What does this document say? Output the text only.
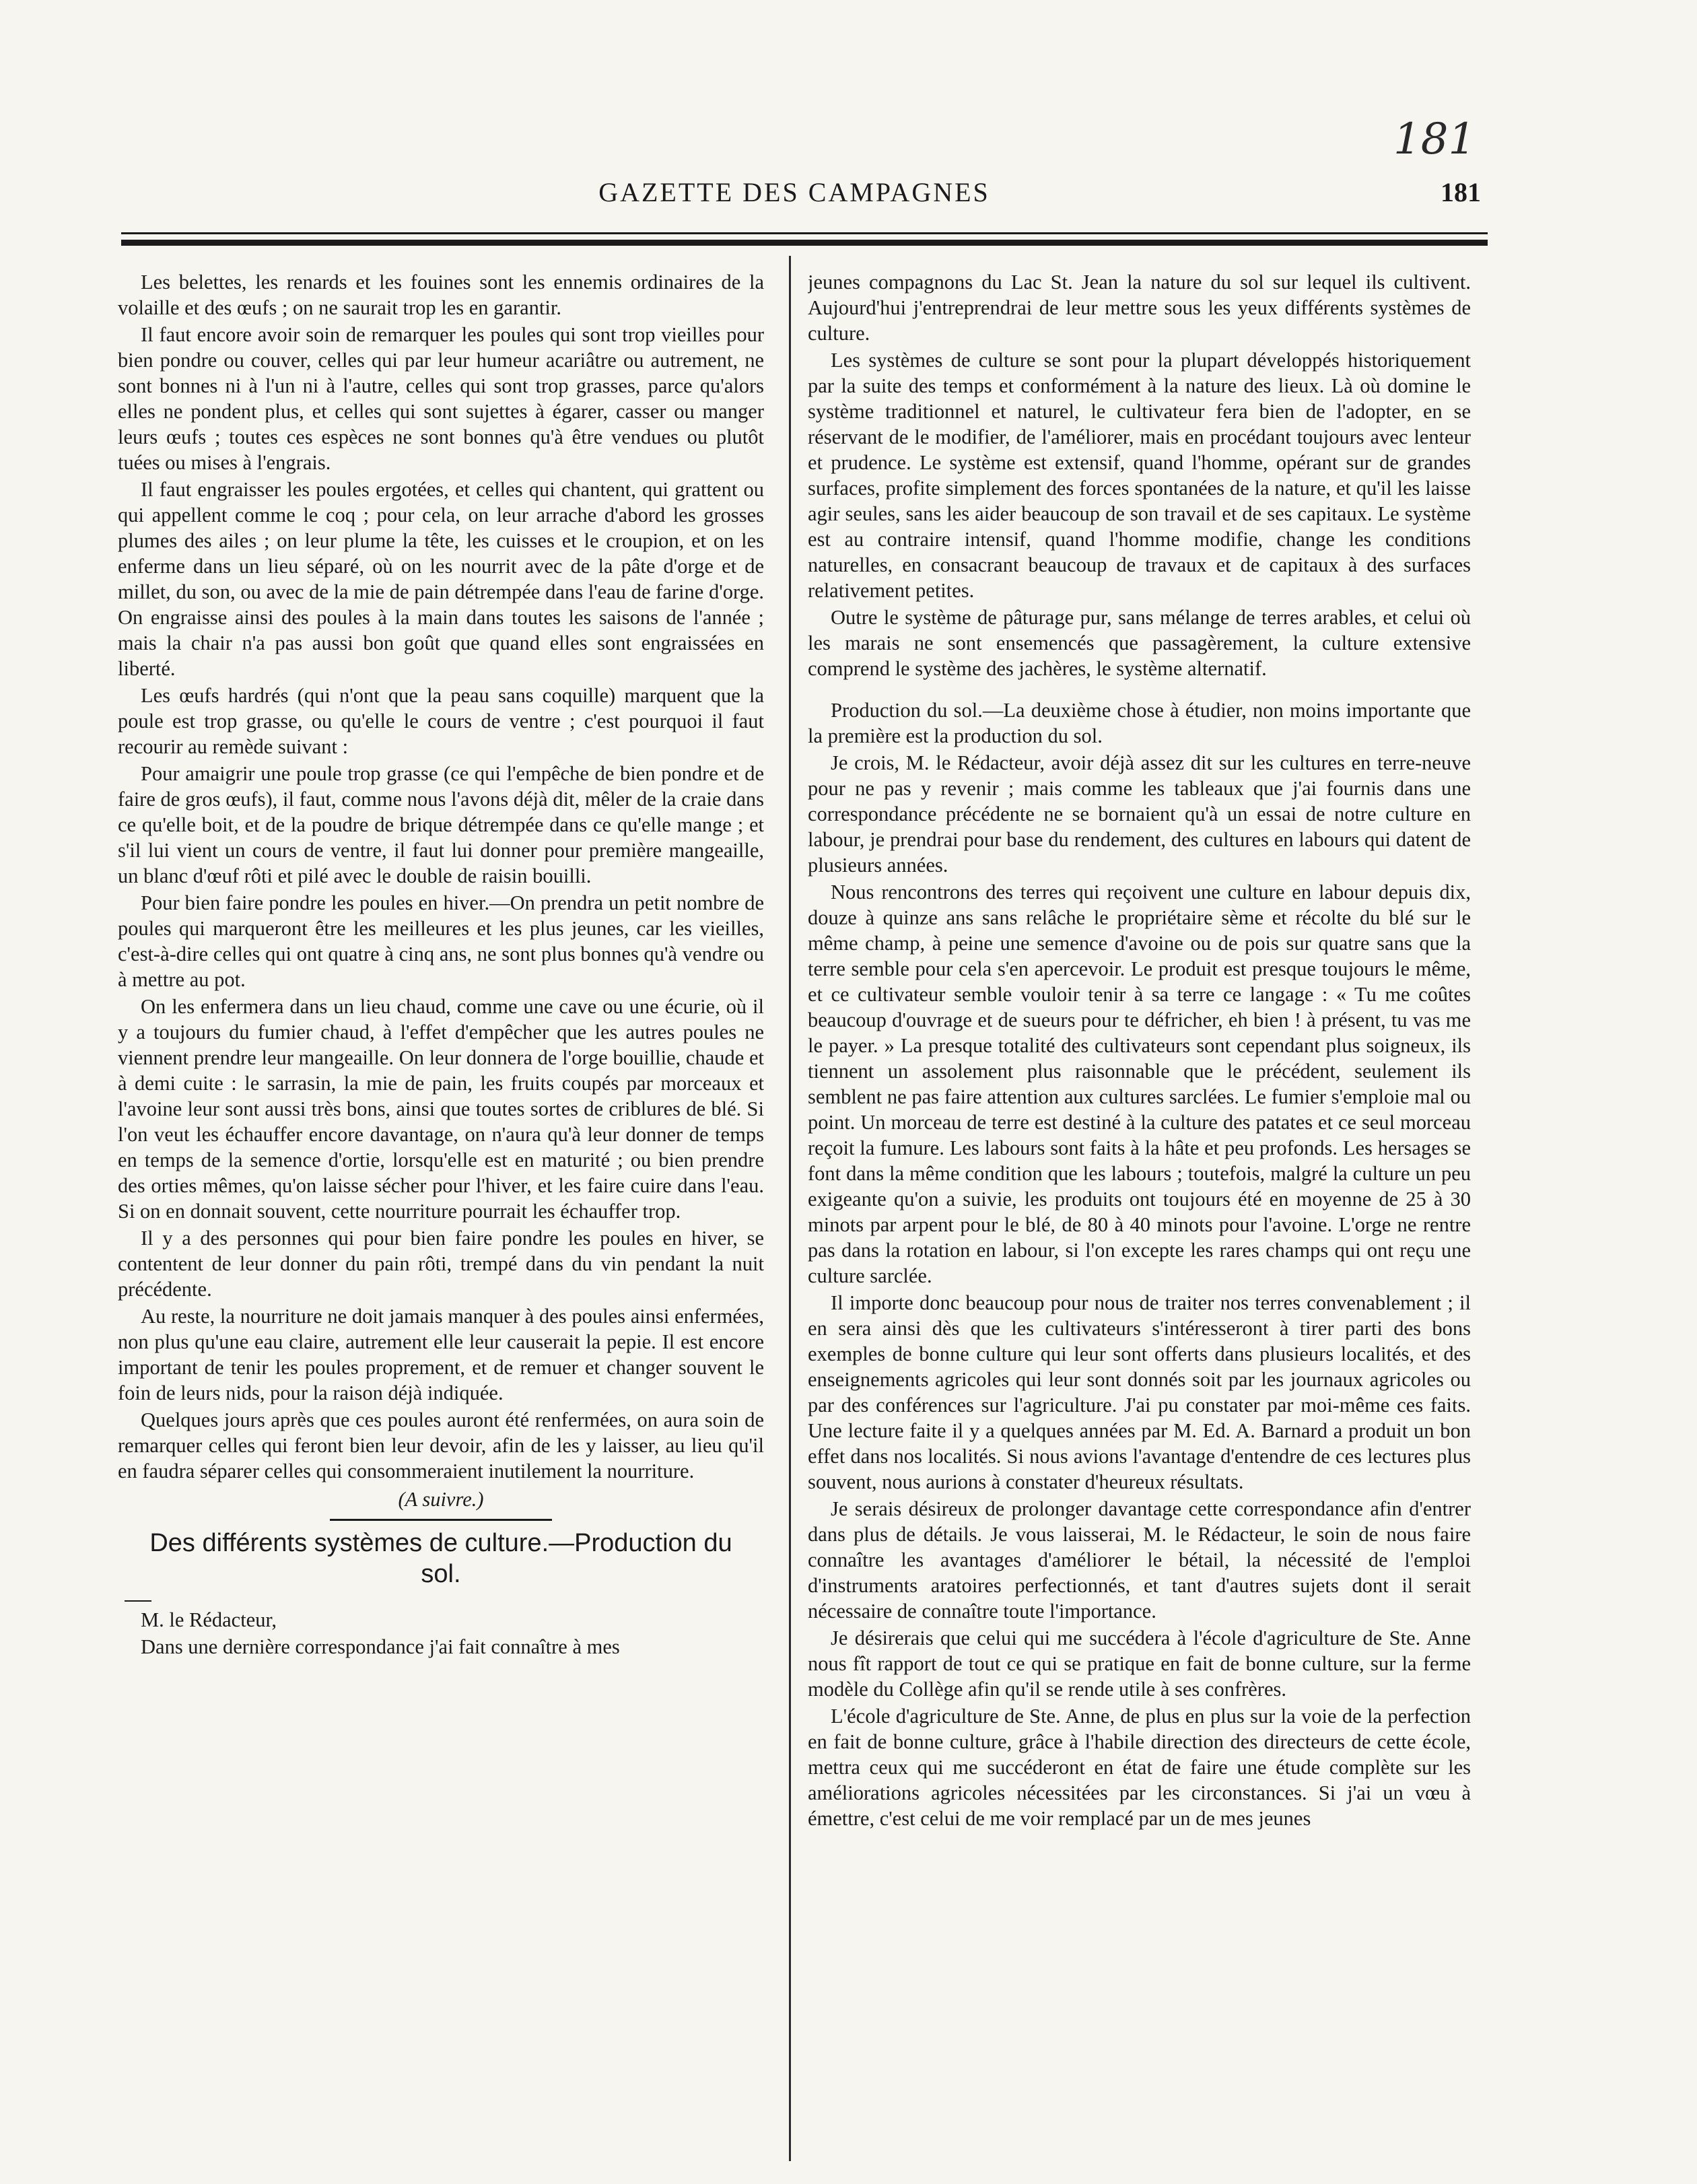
181
GAZETTE DES CAMPAGNES	181

Les belettes, les renards et les fouines sont les ennemis ordinaires de la volaille et des œufs ; on ne saurait trop les en garantir.

Il faut encore avoir soin de remarquer les poules qui sont trop vieilles pour bien pondre ou couver, celles qui par leur humeur acariâtre ou autrement, ne sont bonnes ni à l'un ni à l'autre, celles qui sont trop grasses, parce qu'alors elles ne pondent plus, et celles qui sont sujettes à égarer, casser ou manger leurs œufs ; toutes ces espèces ne sont bonnes qu'à être vendues ou plutôt tuées ou mises à l'engrais.

Il faut engraisser les poules ergotées, et celles qui chantent, qui grattent ou qui appellent comme le coq ; pour cela, on leur arrache d'abord les grosses plumes des ailes ; on leur plume la tête, les cuisses et le croupion, et on les enferme dans un lieu séparé, où on les nourrit avec de la pâte d'orge et de millet, du son, ou avec de la mie de pain détrempée dans l'eau de farine d'orge. On engraisse ainsi des poules à la main dans toutes les saisons de l'année ; mais la chair n'a pas aussi bon goût que quand elles sont engraissées en liberté.

Les œufs hardrés (qui n'ont que la peau sans coquille) marquent que la poule est trop grasse, ou qu'elle le cours de ventre ; c'est pourquoi il faut recourir au remède suivant :

Pour amaigrir une poule trop grasse (ce qui l'empêche de bien pondre et de faire de gros œufs), il faut, comme nous l'avons déjà dit, mêler de la craie dans ce qu'elle boit, et de la poudre de brique détrempée dans ce qu'elle mange ; et s'il lui vient un cours de ventre, il faut lui donner pour première mangeaille, un blanc d'œuf rôti et pilé avec le double de raisin bouilli.

Pour bien faire pondre les poules en hiver.—On prendra un petit nombre de poules qui marqueront être les meilleures et les plus jeunes, car les vieilles, c'est-à-dire celles qui ont quatre à cinq ans, ne sont plus bonnes qu'à vendre ou à mettre au pot.

On les enfermera dans un lieu chaud, comme une cave ou une écurie, où il y a toujours du fumier chaud, à l'effet d'empêcher que les autres poules ne viennent prendre leur mangeaille. On leur donnera de l'orge bouillie, chaude et à demi cuite : le sarrasin, la mie de pain, les fruits coupés par morceaux et l'avoine leur sont aussi très bons, ainsi que toutes sortes de criblures de blé. Si l'on veut les échauffer encore davantage, on n'aura qu'à leur donner de temps en temps de la semence d'ortie, lorsqu'elle est en maturité ; ou bien prendre des orties mêmes, qu'on laisse sécher pour l'hiver, et les faire cuire dans l'eau. Si on en donnait souvent, cette nourriture pourrait les échauffer trop.

Il y a des personnes qui pour bien faire pondre les poules en hiver, se contentent de leur donner du pain rôti, trempé dans du vin pendant la nuit précédente.

Au reste, la nourriture ne doit jamais manquer à des poules ainsi enfermées, non plus qu'une eau claire, autrement elle leur causerait la pepie. Il est encore important de tenir les poules proprement, et de remuer et changer souvent le foin de leurs nids, pour la raison déjà indiquée.

Quelques jours après que ces poules auront été renfermées, on aura soin de remarquer celles qui feront bien leur devoir, afin de les y laisser, au lieu qu'il en faudra séparer celles qui consommeraient inutilement la nourriture.

(A suivre.)
Des différents systèmes de culture.—Production du sol.

M. le Rédacteur,

Dans une dernière correspondance j'ai fait connaître à mes

jeunes compagnons du Lac St. Jean la nature du sol sur lequel ils cultivent. Aujourd'hui j'entreprendrai de leur mettre sous les yeux différents systèmes de culture.

Les systèmes de culture se sont pour la plupart développés historiquement par la suite des temps et conformément à la nature des lieux. Là où domine le système traditionnel et naturel, le cultivateur fera bien de l'adopter, en se réservant de le modifier, de l'améliorer, mais en procédant toujours avec lenteur et prudence. Le système est extensif, quand l'homme, opérant sur de grandes surfaces, profite simplement des forces spontanées de la nature, et qu'il les laisse agir seules, sans les aider beaucoup de son travail et de ses capitaux. Le système est au contraire intensif, quand l'homme modifie, change les conditions naturelles, en consacrant beaucoup de travaux et de capitaux à des surfaces relativement petites.

Outre le système de pâturage pur, sans mélange de terres arables, et celui où les marais ne sont ensemencés que passagèrement, la culture extensive comprend le système des jachères, le système alternatif.

Production du sol.—La deuxième chose à étudier, non moins importante que la première est la production du sol.

Je crois, M. le Rédacteur, avoir déjà assez dit sur les cultures en terre-neuve pour ne pas y revenir ; mais comme les tableaux que j'ai fournis dans une correspondance précédente ne se bornaient qu'à un essai de notre culture en labour, je prendrai pour base du rendement, des cultures en labours qui datent de plusieurs années.

Nous rencontrons des terres qui reçoivent une culture en labour depuis dix, douze à quinze ans sans relâche le propriétaire sème et récolte du blé sur le même champ, à peine une semence d'avoine ou de pois sur quatre sans que la terre semble pour cela s'en apercevoir. Le produit est presque toujours le même, et ce cultivateur semble vouloir tenir à sa terre ce langage : « Tu me coûtes beaucoup d'ouvrage et de sueurs pour te défricher, eh bien ! à présent, tu vas me le payer. » La presque totalité des cultivateurs sont cependant plus soigneux, ils tiennent un assolement plus raisonnable que le précédent, seulement ils semblent ne pas faire attention aux cultures sarclées. Le fumier s'emploie mal ou point. Un morceau de terre est destiné à la culture des patates et ce seul morceau reçoit la fumure. Les labours sont faits à la hâte et peu profonds. Les hersages se font dans la même condition que les labours ; toutefois, malgré la culture un peu exigeante qu'on a suivie, les produits ont toujours été en moyenne de 25 à 30 minots par arpent pour le blé, de 80 à 40 minots pour l'avoine. L'orge ne rentre pas dans la rotation en labour, si l'on excepte les rares champs qui ont reçu une culture sarclée.

Il importe donc beaucoup pour nous de traiter nos terres convenablement ; il en sera ainsi dès que les cultivateurs s'intéresseront à tirer parti des bons exemples de bonne culture qui leur sont offerts dans plusieurs localités, et des enseignements agricoles qui leur sont donnés soit par les journaux agricoles ou par des conférences sur l'agriculture. J'ai pu constater par moi-même ces faits. Une lecture faite il y a quelques années par M. Ed. A. Barnard a produit un bon effet dans nos localités. Si nous avions l'avantage d'entendre de ces lectures plus souvent, nous aurions à constater d'heureux résultats.

Je serais désireux de prolonger davantage cette correspondance afin d'entrer dans plus de détails. Je vous laisserai, M. le Rédacteur, le soin de nous faire connaître les avantages d'améliorer le bétail, la nécessité de l'emploi d'instruments aratoires perfectionnés, et tant d'autres sujets dont il serait nécessaire de connaître toute l'importance.

Je désirerais que celui qui me succédera à l'école d'agriculture de Ste. Anne nous fît rapport de tout ce qui se pratique en fait de bonne culture, sur la ferme modèle du Collège afin qu'il se rende utile à ses confrères.

L'école d'agriculture de Ste. Anne, de plus en plus sur la voie de la perfection en fait de bonne culture, grâce à l'habile direction des directeurs de cette école, mettra ceux qui me succéderont en état de faire une étude complète sur les améliorations agricoles nécessitées par les circonstances. Si j'ai un vœu à émettre, c'est celui de me voir remplacé par un de mes jeunes
